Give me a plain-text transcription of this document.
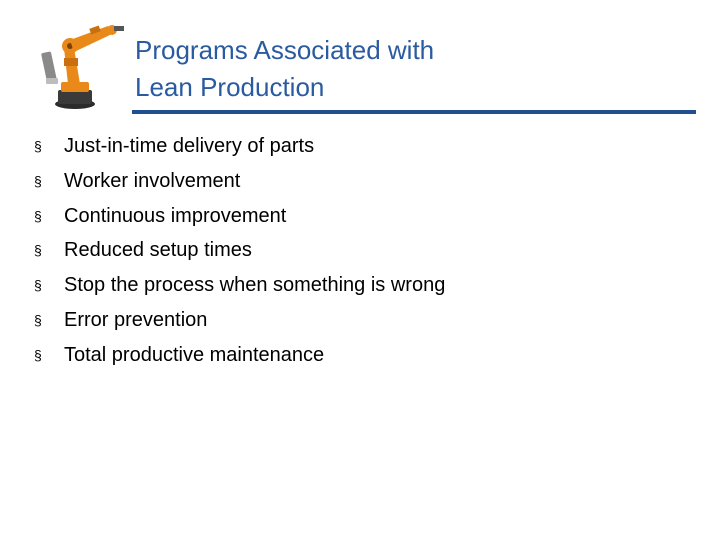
Programs Associated with
Lean Production
§ Just-in-time delivery of parts
§ Worker involvement
§ Continuous improvement
§ Reduced setup times
§ Stop the process when something is wrong
§ Error prevention
§ Total productive maintenance
